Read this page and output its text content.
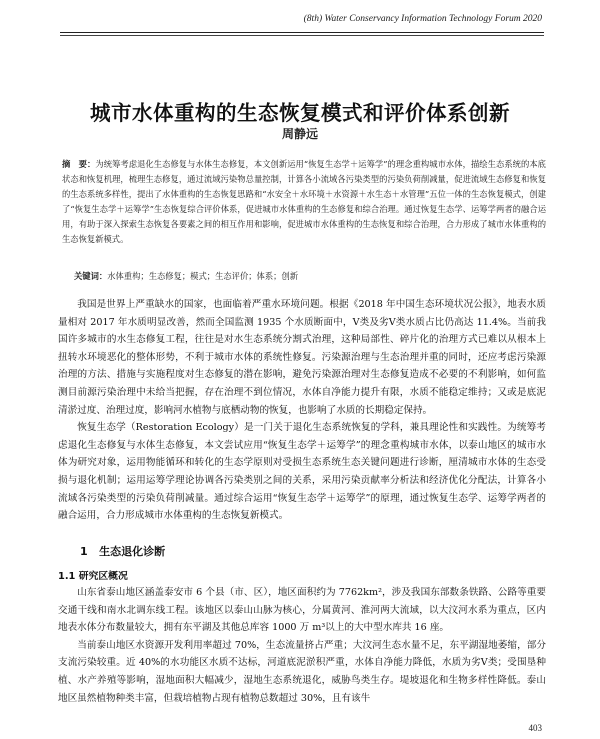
(8th) Water Conservancy Information Technology Forum 2020
城市水体重构的生态恢复模式和评价体系创新
周静远
摘　要：为统筹考虑退化生态修复与水体生态修复，本文创新运用“恢复生态学＋运筹学”的理念重构城市水体，描绘生态系统的本底状态和恢复机理，梳理生态修复，通过流域污染物总量控制，计算各小流域各污染类型的污染负荷削减量，促进流域生态修复和恢复的生态系统多样性，提出了水体重构的生态恢复思路和“水安全＋水环境＋水资源＋水生态＋水管理”五位一体的生态恢复模式，创建了“恢复生态学＋运筹学”生态恢复综合评价体系，促进城市水体重构的生态修复和综合治理。通过恢复生态学、运筹学两者的融合运用，有助于深入探索生态恢复各要素之间的相互作用和影响，促进城市水体重构的生态恢复和综合治理，合力形成了城市水体重构的生态恢复新模式。
关键词：水体重构；生态修复；模式；生态评价；体系；创新

我国是世界上严重缺水的国家，也面临着严重水环境问题。根据《2018 年中国生态环境状况公报》，地表水质量相对 2017 年水质明显改善，然而全国监测 1935 个水质断面中，Ⅴ类及劣Ⅴ类水质占比仍高达 11.4%。当前我国许多城市的水生态修复工程，往往是对水生态系统分割式治理，这种局部性、碎片化的治理方式已难以从根本上扭转水环境恶化的整体形势，不利于城市水体的系统性修复。污染源治理与生态治理并重的同时，还应考虑污染源治理的方法、措施与实施程度对生态修复的潜在影响，避免污染源治理对生态修复造成不必要的不利影响，如何监测目前源污染治理中未给当把握，存在治理不到位情况，水体自净能力提升有限，水质不能稳定维持；又或是底泥清淤过度、治理过度，影响河水植物与底栖动物的恢复，也影响了水质的长期稳定保持。

恢复生态学（Restoration Ecology）是一门关于退化生态系统恢复的学科，兼具理论性和实践性。为统筹考虑退化生态修复与水体生态修复，本文尝试应用“恢复生态学＋运筹学”的理念重构城市水体，以泰山地区的城市水体为研究对象，运用物能循环和转化的生态学原则对受损生态系统生态关键问题进行诊断，厘清城市水体的生态受损与退化机制；运用运筹学理论协调各污染类别之间的关系，采用污染贡献率分析法和经济优化分配法，计算各小流域各污染类型的污染负荷削减量。通过综合运用“恢复生态学＋运筹学”的原理，通过恢复生态学、运筹学两者的融合运用，合力形成城市水体重构的生态恢复新模式。

1 生态退化诊断
1.1 研究区概况

山东省泰山地区涵盖泰安市 6 个县（市、区），地区面积约为 7762km²，涉及我国东部数条铁路、公路等重要交通干线和南水北调东线工程。该地区以泰山山脉为核心，分属黄河、淮河两大流域，以大汶河水系为重点，区内地表水体分布数量较大，拥有东平湖及其他总库容 1000 万 m³以上的大中型水库共 16 座。

当前泰山地区水资源开发利用率超过 70%，生态流量挤占严重；大汶河生态水量不足，东平湖湿地萎缩，部分支流污染较重。近 40%的水功能区水质不达标，河道底泥淤积严重，水体自净能力降低，水质为劣Ⅴ类；受围垦种植、水产养殖等影响，湿地面积大幅减少，湿地生态系统退化，威胁鸟类生存。堤坡退化和生物多样性降低。泰山地区虽然植物种类丰富，但栽培植物占现有植物总数超过 30%，且有该牛

403
